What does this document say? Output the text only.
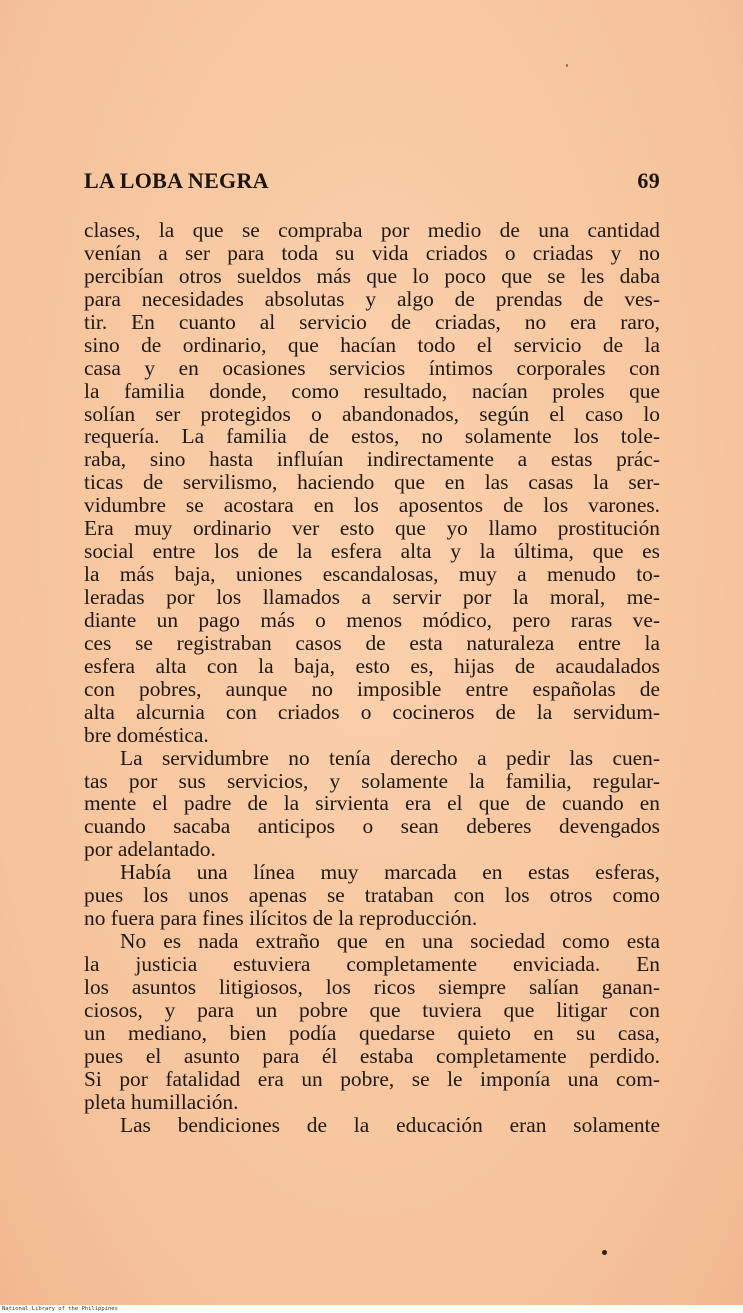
LA LOBA NEGRA	69
clases, la que se compraba por medio de una cantidad
venían a ser para toda su vida criados o criadas y no
percibían otros sueldos más que lo poco que se les daba
para necesidades absolutas y algo de prendas de ves-
tir. En cuanto al servicio de criadas, no era raro,
sino de ordinario, que hacían todo el servicio de la
casa y en ocasiones servicios íntimos corporales con
la familia donde, como resultado, nacían proles que
solían ser protegidos o abandonados, según el caso lo
requería. La familia de estos, no solamente los tole-
raba, sino hasta influían indirectamente a estas prác-
ticas de servilismo, haciendo que en las casas la ser-
vidumbre se acostara en los aposentos de los varones.
Era muy ordinario ver esto que yo llamo prostitución
social entre los de la esfera alta y la última, que es
la más baja, uniones escandalosas, muy a menudo to-
leradas por los llamados a servir por la moral, me-
diante un pago más o menos módico, pero raras ve-
ces se registraban casos de esta naturaleza entre la
esfera alta con la baja, esto es, hijas de acaudalados
con pobres, aunque no imposible entre españolas de
alta alcurnia con criados o cocineros de la servidum-
bre doméstica.
La servidumbre no tenía derecho a pedir las cuen-
tas por sus servicios, y solamente la familia, regular-
mente el padre de la sirvienta era el que de cuando en
cuando sacaba anticipos o sean deberes devengados
por adelantado.
Había una línea muy marcada en estas esferas,
pues los unos apenas se trataban con los otros como
no fuera para fines ilícitos de la reproducción.
No es nada extraño que en una sociedad como esta
la justicia estuviera completamente enviciada. En
los asuntos litigiosos, los ricos siempre salían ganan-
ciosos, y para un pobre que tuviera que litigar con
un mediano, bien podía quedarse quieto en su casa,
pues el asunto para él estaba completamente perdido.
Si por fatalidad era un pobre, se le imponía una com-
pleta humillación.
Las bendiciones de la educación eran solamente
National Library of the Philippines
